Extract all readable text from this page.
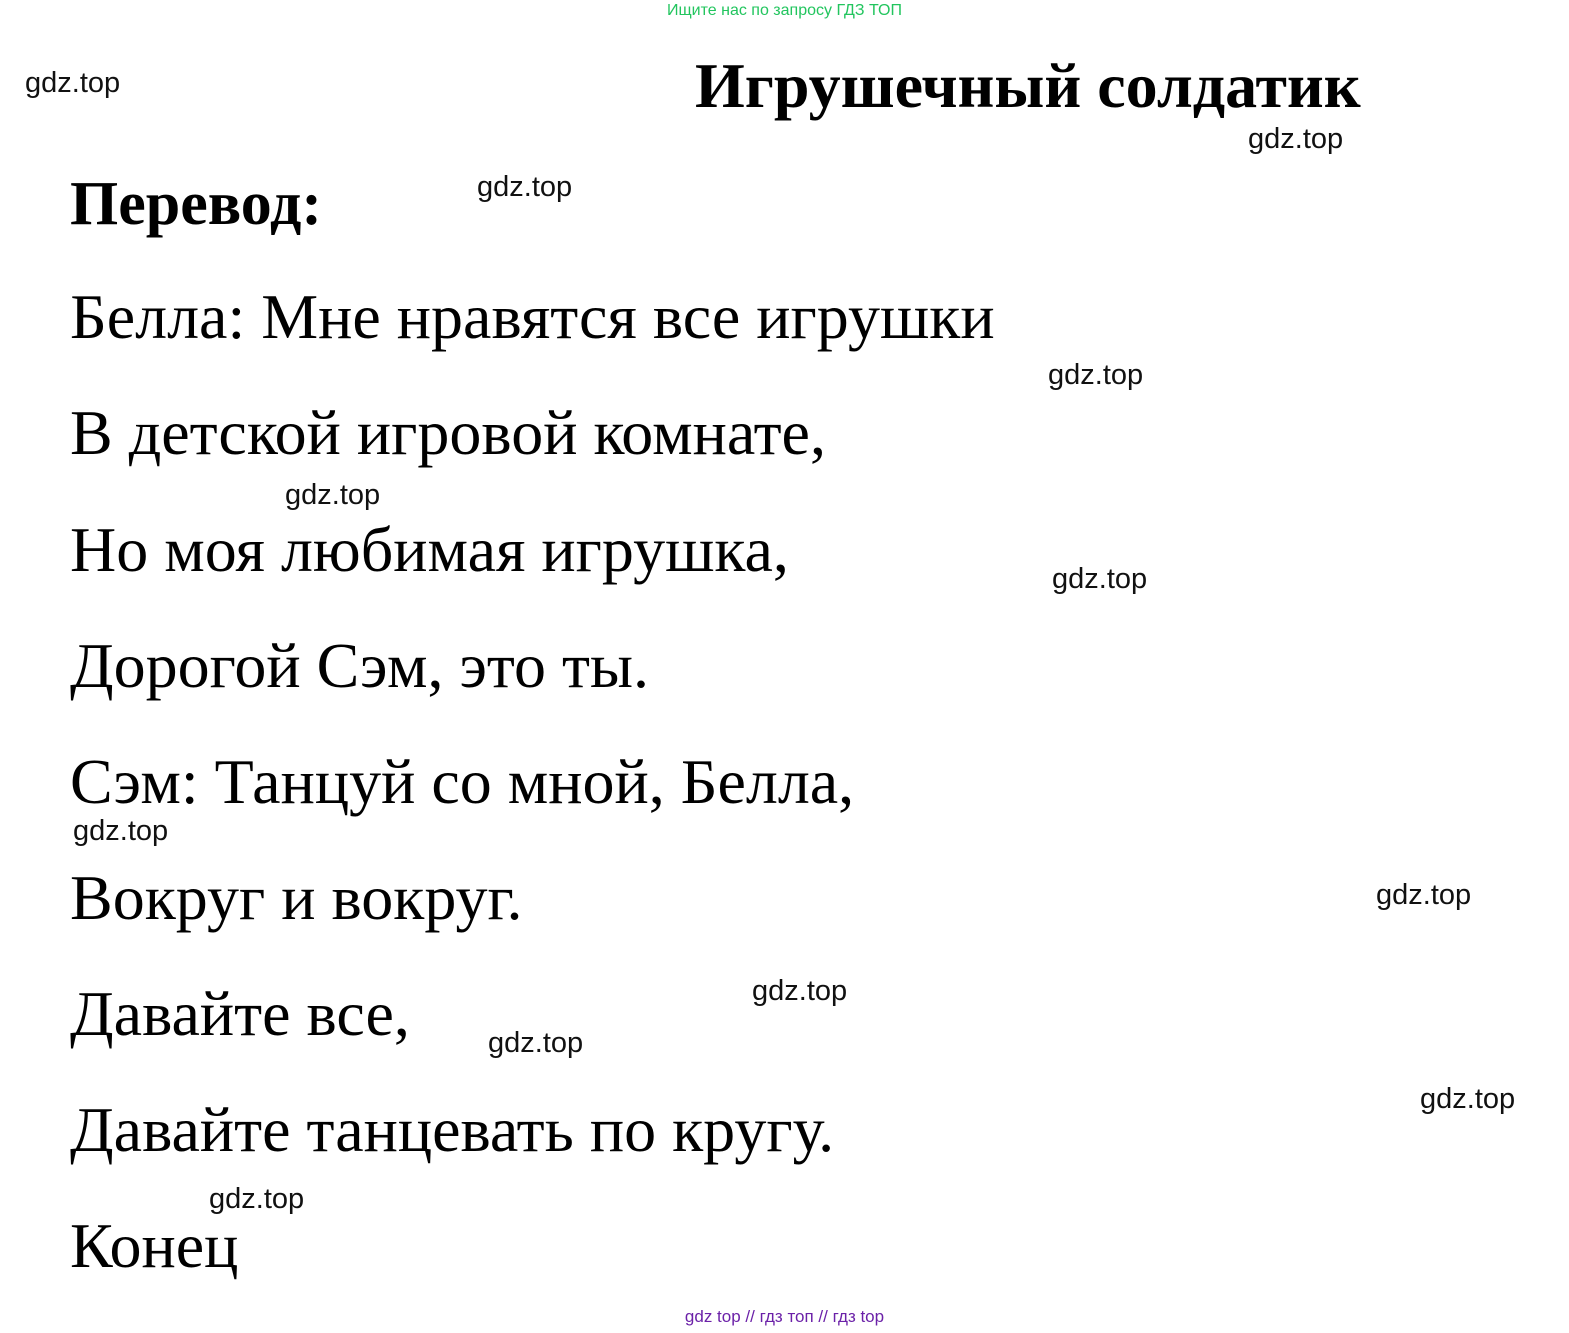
Ищите нас по запросу ГДЗ ТОП
Игрушечный солдатик
Перевод:
Белла: Мне нравятся все игрушки
В детской игровой комнате,
Но моя любимая игрушка,
Дорогой Сэм, это ты.
Сэм: Танцуй со мной, Белла,
Вокруг и вокруг.
Давайте все,
Давайте танцевать по кругу.
Конец
gdz.top
gdz.top
gdz.top
gdz.top
gdz.top
gdz.top
gdz.top
gdz.top
gdz.top
gdz.top
gdz.top
gdz.top
gdz top // гдз топ // гдз top
